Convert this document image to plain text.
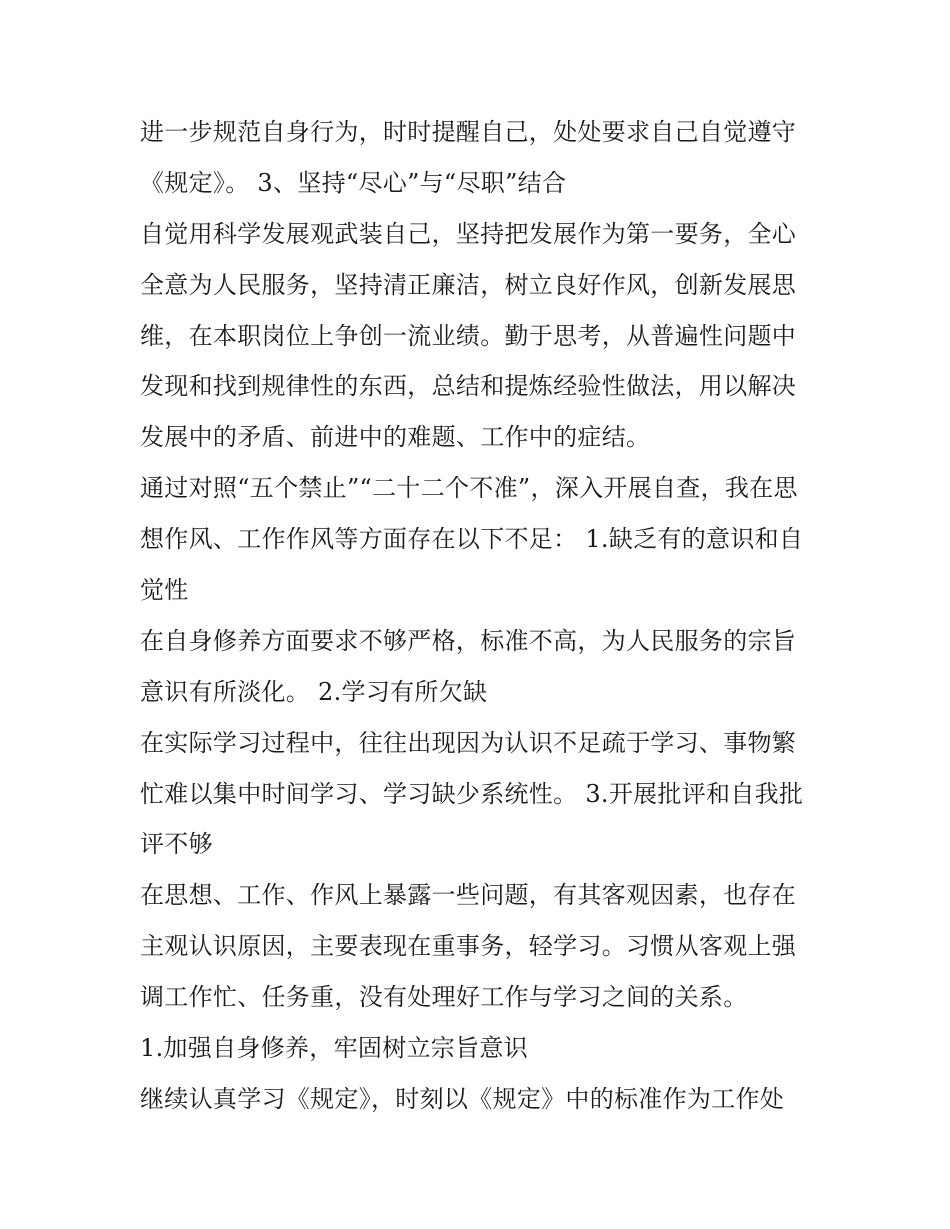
进一步规范自身行为，时时提醒自己，处处要求自己自觉遵守
《规定》。 3、坚持“尽心”与“尽职”结合
自觉用科学发展观武装自己，坚持把发展作为第一要务，全心
全意为人民服务，坚持清正廉洁，树立良好作风，创新发展思
维，在本职岗位上争创一流业绩。勤于思考，从普遍性问题中
发现和找到规律性的东西，总结和提炼经验性做法，用以解决
发展中的矛盾、前进中的难题、工作中的症结。
通过对照“五个禁止”“二十二个不准”，深入开展自查，我在思
想作风、工作作风等方面存在以下不足： 1.缺乏有的意识和自
觉性
在自身修养方面要求不够严格，标准不高，为人民服务的宗旨
意识有所淡化。 2.学习有所欠缺
在实际学习过程中，往往出现因为认识不足疏于学习、事物繁
忙难以集中时间学习、学习缺少系统性。 3.开展批评和自我批
评不够
在思想、工作、作风上暴露一些问题，有其客观因素，也存在
主观认识原因，主要表现在重事务，轻学习。习惯从客观上强
调工作忙、任务重，没有处理好工作与学习之间的关系。
1.加强自身修养，牢固树立宗旨意识
继续认真学习《规定》，时刻以《规定》中的标准作为工作处
